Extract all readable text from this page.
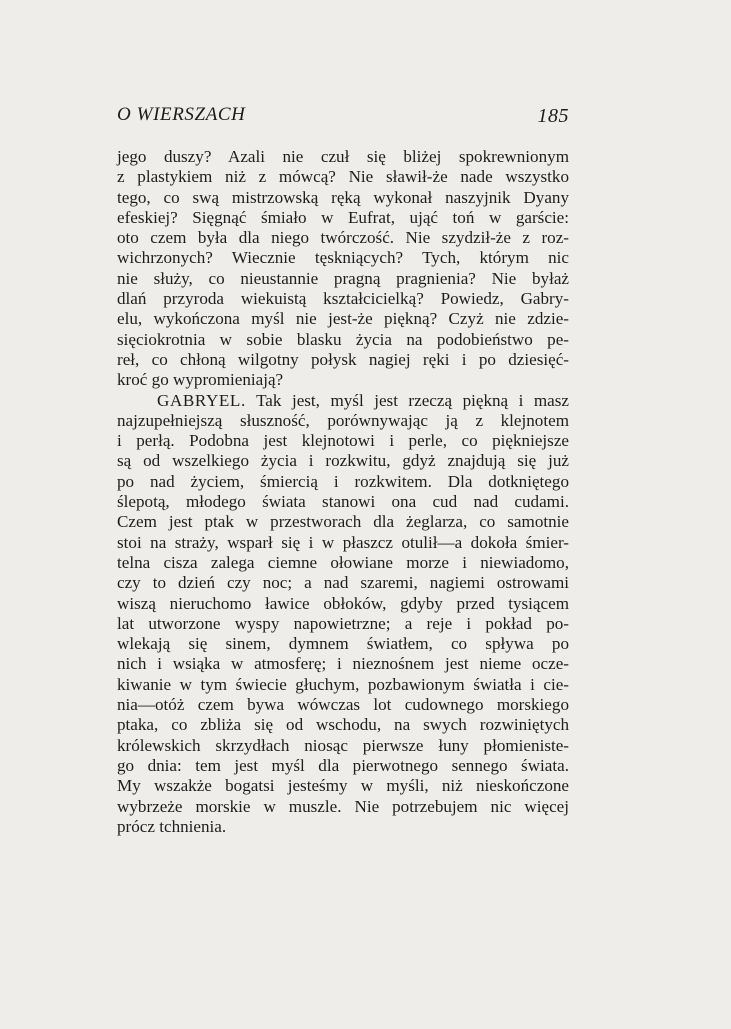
O WIERSZACH	185
jego duszy? Azali nie czuł się bliżej spokrewnionym
z plastykiem niż z mówcą? Nie sławił-że nade wszystko
tego, co swą mistrzowską ręką wykonał naszyjnik Dyany
efeskiej? Sięgnąć śmiało w Eufrat, ująć toń w garście:
oto czem była dla niego twórczość. Nie szydził-że z roz-
wichrzonych? Wiecznie tęskniących? Tych, którym nic
nie służy, co nieustannie pragną pragnienia? Nie byłaż
dlań przyroda wiekuistą kształcicielką? Powiedz, Gabry-
elu, wykończona myśl nie jest-że piękną? Czyż nie zdzie-
sięciokrotnia w sobie blasku życia na podobieństwo pe-
reł, co chłoną wilgotny połysk nagiej ręki i po dziesięć-
kroć go wypromieniają?
GABRYEL. Tak jest, myśl jest rzeczą piękną i masz
najzupełniejszą słuszność, porównywając ją z klejnotem
i perłą. Podobna jest klejnotowi i perle, co piękniejsze
są od wszelkiego życia i rozkwitu, gdyż znajdują się już
po nad życiem, śmiercią i rozkwitem. Dla dotkniętego
ślepotą, młodego świata stanowi ona cud nad cudami.
Czem jest ptak w przestworach dla żeglarza, co samotnie
stoi na straży, wsparł się i w płaszcz otulił—a dokoła śmier-
telna cisza zalega ciemne ołowiane morze i niewiadomo,
czy to dzień czy noc; a nad szaremi, nagiemi ostrowami
wiszą nieruchomo ławice obłoków, gdyby przed tysiącem
lat utworzone wyspy napowietrzne; a reje i pokład po-
wlekają się sinem, dymnem światłem, co spływa po
nich i wsiąka w atmosferę; i nieznośnem jest nieme ocze-
kiwanie w tym świecie głuchym, pozbawionym światła i cie-
nia—otóż czem bywa wówczas lot cudownego morskiego
ptaka, co zbliża się od wschodu, na swych rozwiniętych
królewskich skrzydłach niosąc pierwsze łuny płomieniste-
go dnia: tem jest myśl dla pierwotnego sennego świata.
My wszakże bogatsi jesteśmy w myśli, niż nieskończone
wybrzeże morskie w muszle. Nie potrzebujem nic więcej
prócz tchnienia.
